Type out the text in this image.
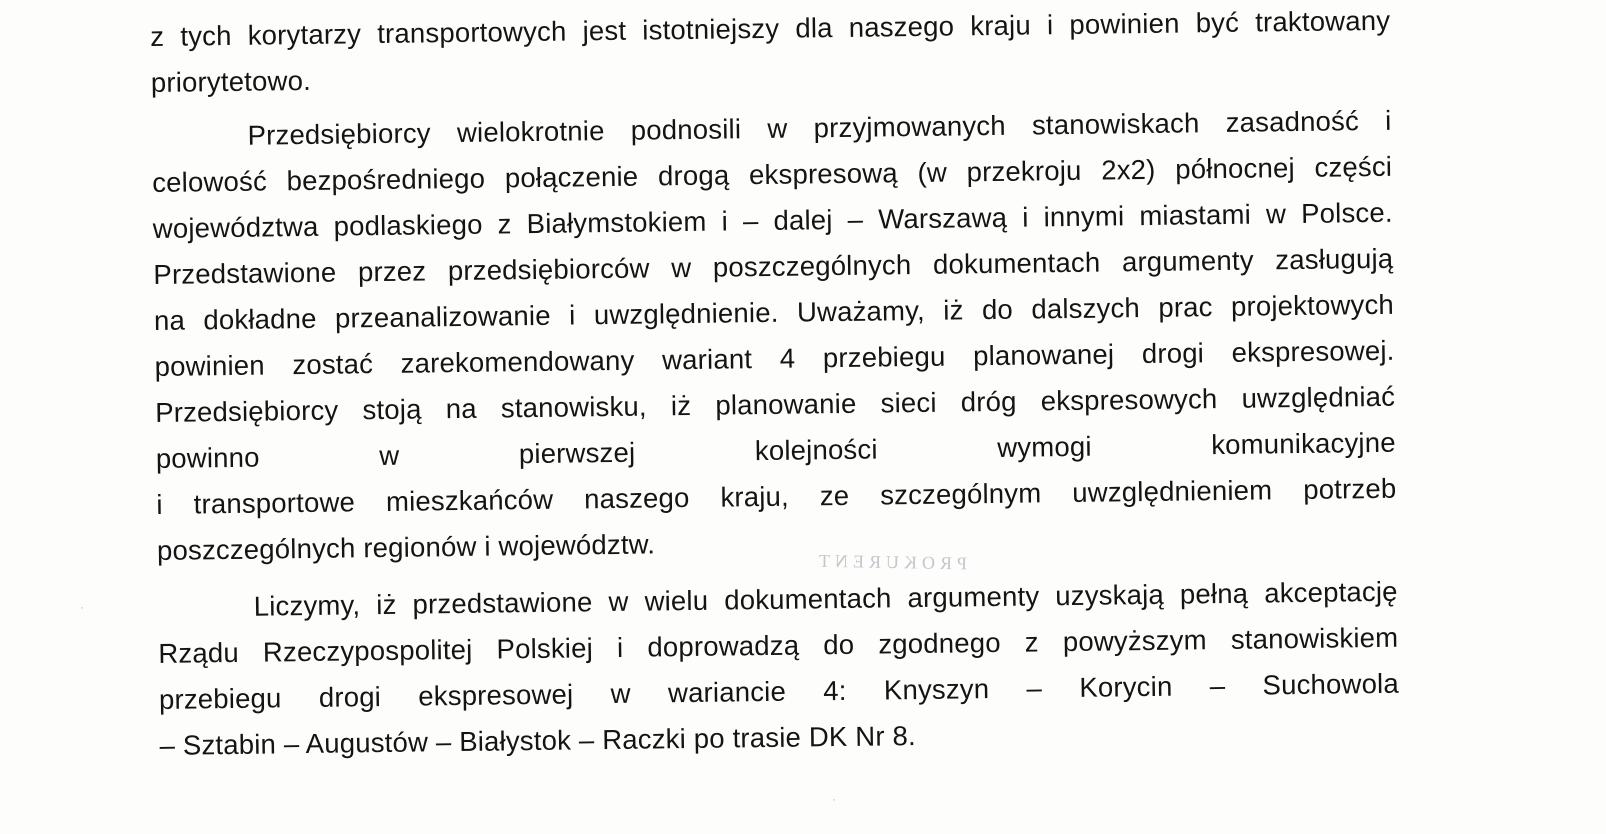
PROKURENT
·
·
z tych korytarzy transportowych jest istotniejszy dla naszego kraju i powinien być traktowany
priorytetowo.
Przedsiębiorcy wielokrotnie podnosili w przyjmowanych stanowiskach zasadność i
celowość bezpośredniego połączenie drogą ekspresową (w przekroju 2x2) północnej części
województwa podlaskiego z Białymstokiem i – dalej – Warszawą i innymi miastami w Polsce.
Przedstawione przez przedsiębiorców w poszczególnych dokumentach argumenty zasługują
na dokładne przeanalizowanie i uwzględnienie. Uważamy, iż do dalszych prac projektowych
powinien zostać zarekomendowany wariant 4 przebiegu planowanej drogi ekspresowej.
Przedsiębiorcy stoją na stanowisku, iż planowanie sieci dróg ekspresowych uwzględniać
powinno w pierwszej kolejności wymogi komunikacyjne
i transportowe mieszkańców naszego kraju, ze szczególnym uwzględnieniem potrzeb
poszczególnych regionów i województw.
Liczymy, iż przedstawione w wielu dokumentach argumenty uzyskają pełną akceptację
Rządu Rzeczypospolitej Polskiej i doprowadzą do zgodnego z powyższym stanowiskiem
przebiegu drogi ekspresowej w wariancie 4: Knyszyn – Korycin – Suchowola
– Sztabin – Augustów – Białystok – Raczki po trasie DK Nr 8.
